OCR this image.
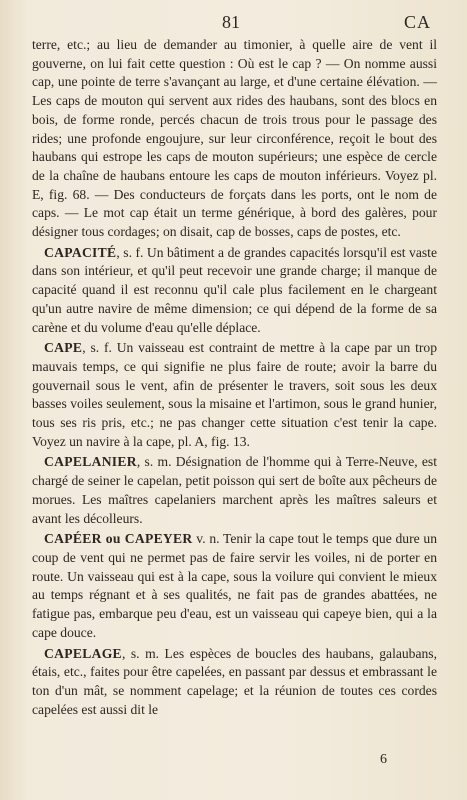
81	CA

terre, etc.; au lieu de demander au timonier, à quelle aire de vent il gouverne, on lui fait cette question : Où est le cap ? — On nomme aussi cap, une pointe de terre s'avançant au large, et d'une certaine élévation. — Les caps de mouton qui servent aux rides des haubans, sont des blocs en bois, de forme ronde, percés chacun de trois trous pour le passage des rides; une profonde engoujure, sur leur circonférence, reçoit le bout des haubans qui estrope les caps de mouton supérieurs; une espèce de cercle de la chaîne de haubans entoure les caps de mouton inférieurs. Voyez pl. E, fig. 68. — Des conducteurs de forçats dans les ports, ont le nom de caps. — Le mot cap était un terme générique, à bord des galères, pour désigner tous cordages; on disait, cap de bosses, caps de postes, etc.

CAPACITÉ, s. f. Un bâtiment a de grandes capacités lorsqu'il est vaste dans son intérieur, et qu'il peut recevoir une grande charge; il manque de capacité quand il est reconnu qu'il cale plus facilement en le chargeant qu'un autre navire de même dimension; ce qui dépend de la forme de sa carène et du volume d'eau qu'elle déplace.

CAPE, s. f. Un vaisseau est contraint de mettre à la cape par un trop mauvais temps, ce qui signifie ne plus faire de route; avoir la barre du gouvernail sous le vent, afin de présenter le travers, soit sous les deux basses voiles seulement, sous la misaine et l'artimon, sous le grand hunier, tous ses ris pris, etc.; ne pas changer cette situation c'est tenir la cape. Voyez un navire à la cape, pl. A, fig. 13.

CAPELANIER, s. m. Désignation de l'homme qui à Terre-Neuve, est chargé de seiner le capelan, petit poisson qui sert de boîte aux pêcheurs de morues. Les maîtres capelaniers marchent après les maîtres saleurs et avant les décolleurs.

CAPÉER ou CAPEYER v. n. Tenir la cape tout le temps que dure un coup de vent qui ne permet pas de faire servir les voiles, ni de porter en route. Un vaisseau qui est à la cape, sous la voilure qui convient le mieux au temps régnant et à ses qualités, ne fait pas de grandes abattées, ne fatigue pas, embarque peu d'eau, est un vaisseau qui capeye bien, qui a la cape douce.

CAPELAGE, s. m. Les espèces de boucles des haubans, galaubans, étais, etc., faites pour être capelées, en passant par dessus et embrassant le ton d'un mât, se nomment capelage; et la réunion de toutes ces cordes capelées est aussi dit le

6
